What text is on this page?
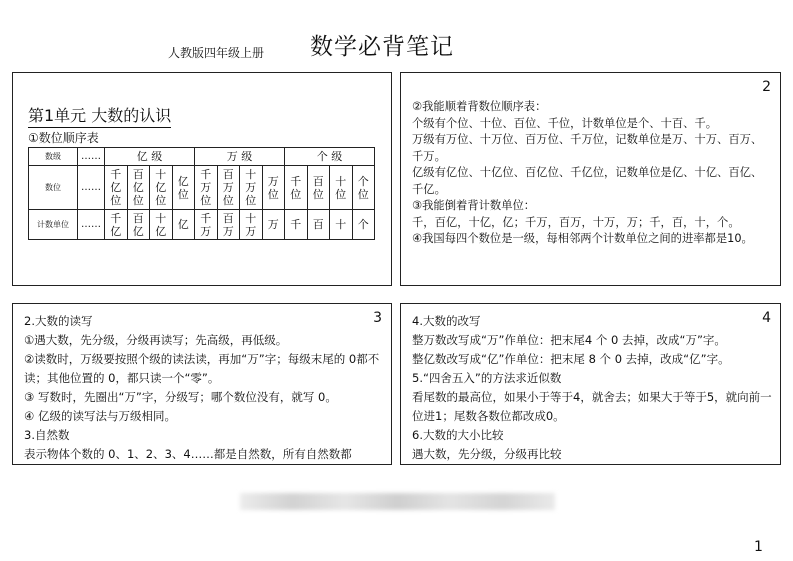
人教版四年级上册 数学必背笔记
第1单元 大数的认识
①数位顺序表
数级	……	亿 级				万 级				个 级			
数位	……	千亿位	百亿位	十亿位	亿位	千万位	百万位	十万位	万位	千位	百位	十位	个位
计数单位	……	千亿	百亿	十亿	亿	千万	百万	十万	万	千	百	十	个
2
②我能顺着背数位顺序表：
个级有个位、十位、百位、千位，计数单位是个、十百、千。
万级有万位、十万位、百万位、千万位，记数单位是万、十万、百万、千万。
亿级有亿位、十亿位、百亿位、千亿位，记数单位是亿、十亿、百亿、千亿。
③我能倒着背计数单位：
千，百亿，十亿，亿；千万，百万，十万，万；千，百，十，个。
④我国每四个数位是一级，每相邻两个计数单位之间的进率都是10。
3
2.大数的读写
①遇大数，先分级，分级再读写；先高级，再低级。
②读数时，万级要按照个级的读法读，再加“万”字；每级末尾的 0都不读；其他位置的 0，都只读一个“零”。
③ 写数时，先圈出“万”字，分级写；哪个数位没有，就写 0。
④ 亿级的读写法与万级相同。
3.自然数
表示物体个数的 0、1、2、3、4……都是自然数，所有自然数都
4
4.大数的改写
整万数改写成“万”作单位：把末尾4 个 0 去掉，改成“万”字。
整亿数改写成“亿”作单位：把末尾 8 个 0 去掉，改成“亿”字。
5.“四舍五入”的方法求近似数
看尾数的最高位，如果小于等于4，就舍去；如果大于等于5，就向前一位进1；尾数各数位都改成0。
6.大数的大小比较
遇大数，先分级，分级再比较
1
